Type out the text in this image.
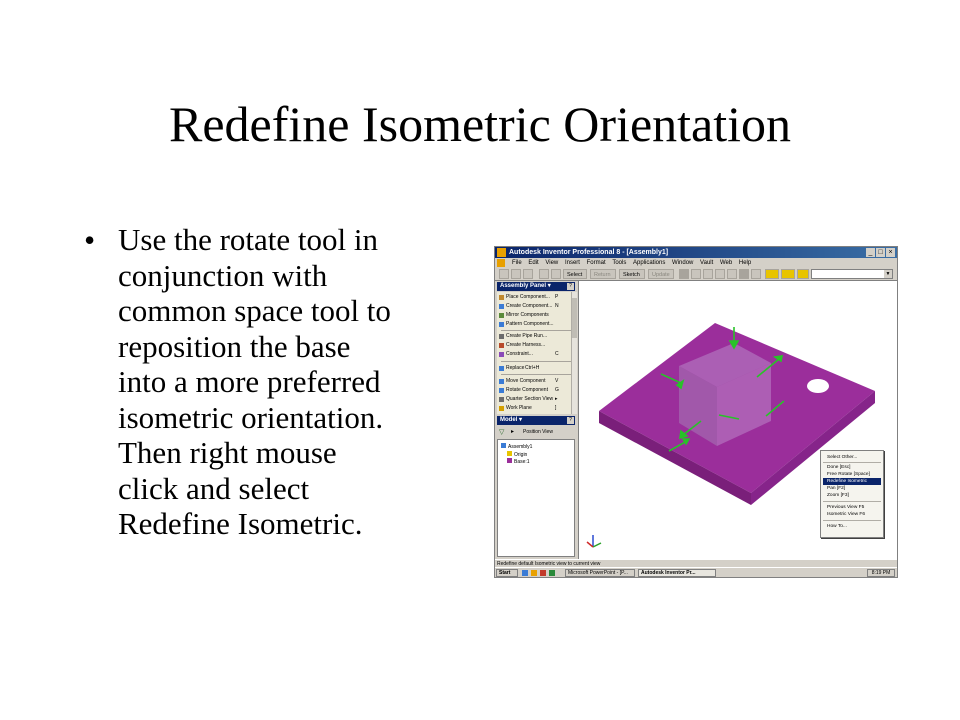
Redefine Isometric Orientation
• Use the rotate tool in
conjunction with
common space tool to
reposition the base
into a more preferred
isometric orientation.
Then right mouse
click and select
Redefine Isometric.
Autodesk Inventor Professional 8 - [Assembly1]	_ □ ×
File Edit View Insert Format Tools Applications Window Vault Web Help
Select	Return	Sketch	Update	▼
Assembly Panel ▾	?
Place Component... P
Create Component... N
Mirror Components
Pattern Component...
Create Pipe Run...
Create Harness...
Constraint...	C
Replace Ctrl+H
Move Component V
Rotate Component G
Quarter Section View ▸
Work Plane	]
Model ▾	?
▽ ▸ Position View
Assembly1
Origin
Base:1
Select Other...
Done [Esc]
Free Rotate [Space]
Redefine Isometric
Pan [F2]
Zoom [F3]
Previous View F5
Isometric View F6
How To...
Redefine default Isometric view to current view
Start	Microsoft PowerPoint - [P...	Autodesk Inventor Pr...	8:19 PM
